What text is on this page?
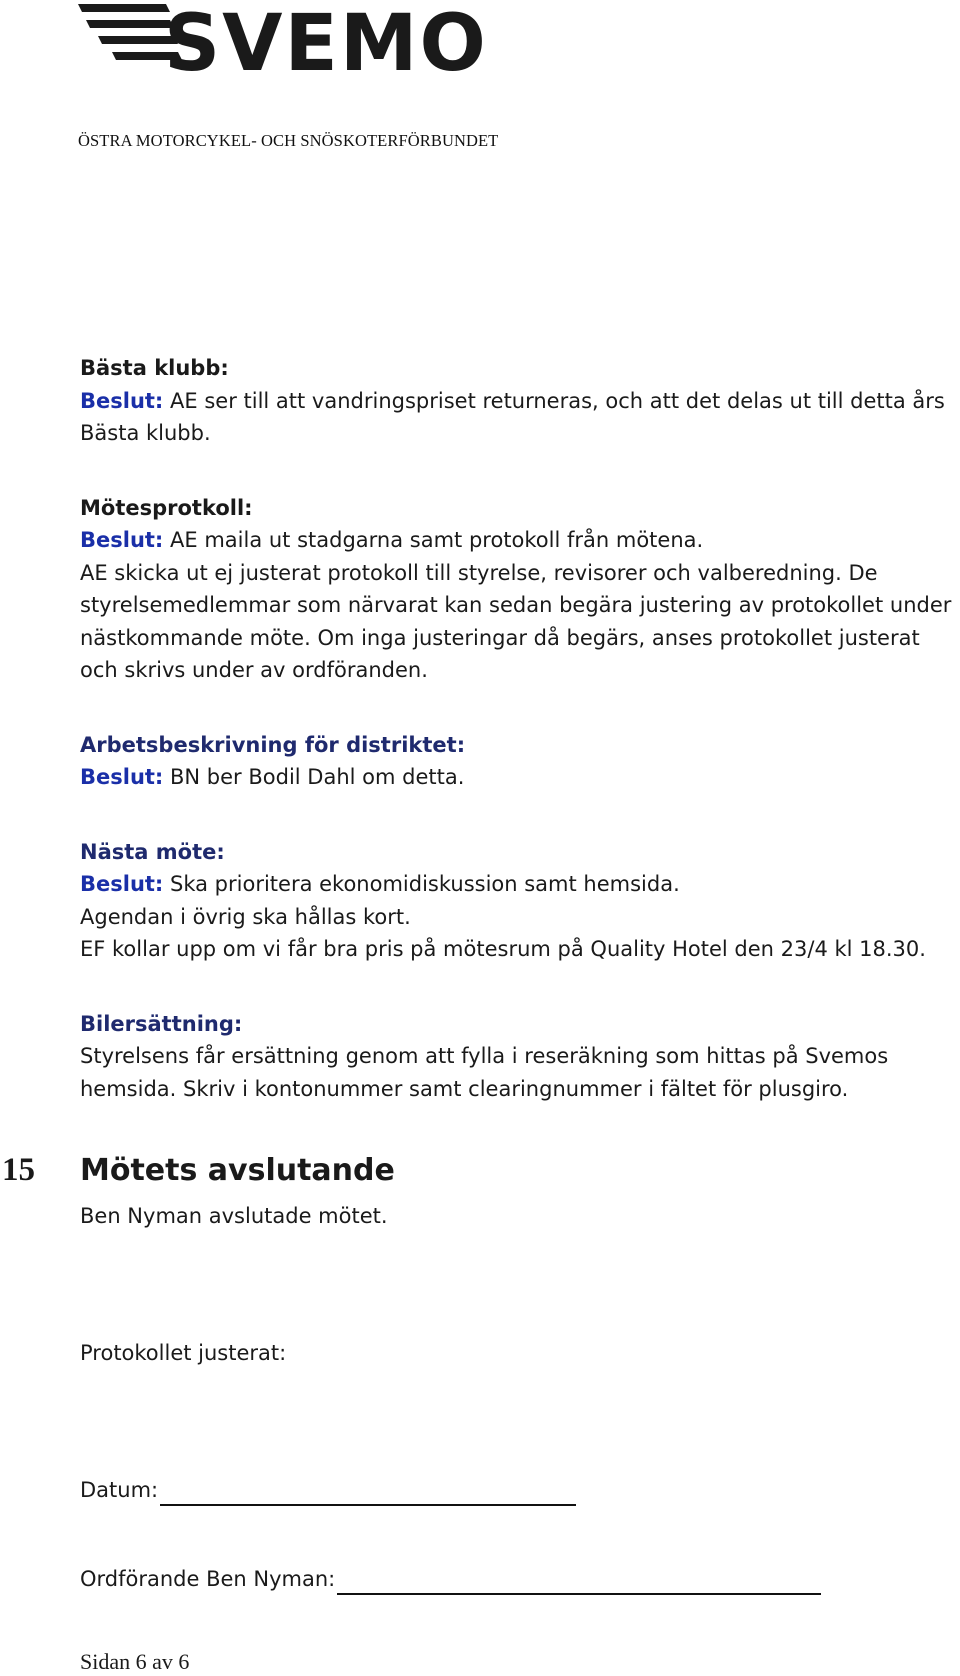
SVEMO
ÖSTRA MOTORCYKEL- OCH SNÖSKOTERFÖRBUNDET
Bästa klubb:
Beslut: AE ser till att vandringspriset returneras, och att det delas ut till detta års
Bästa klubb.
Mötesprotkoll:
Beslut: AE maila ut stadgarna samt protokoll från mötena.
AE skicka ut ej justerat protokoll till styrelse, revisorer och valberedning. De
styrelsemedlemmar som närvarat kan sedan begära justering av protokollet under
nästkommande möte. Om inga justeringar då begärs, anses protokollet justerat
och skrivs under av ordföranden.
Arbetsbeskrivning för distriktet:
Beslut: BN ber Bodil Dahl om detta.
Nästa möte:
Beslut: Ska prioritera ekonomidiskussion samt hemsida.
Agendan i övrig ska hållas kort.
EF kollar upp om vi får bra pris på mötesrum på Quality Hotel den 23/4 kl 18.30.
Bilersättning:
Styrelsens får ersättning genom att fylla i reseräkning som hittas på Svemos
hemsida. Skriv i kontonummer samt clearingnummer i fältet för plusgiro.
15 Mötets avslutande
Ben Nyman avslutade mötet.
Protokollet justerat:
Datum:
Ordförande Ben Nyman:
Sidan 6 av 6
